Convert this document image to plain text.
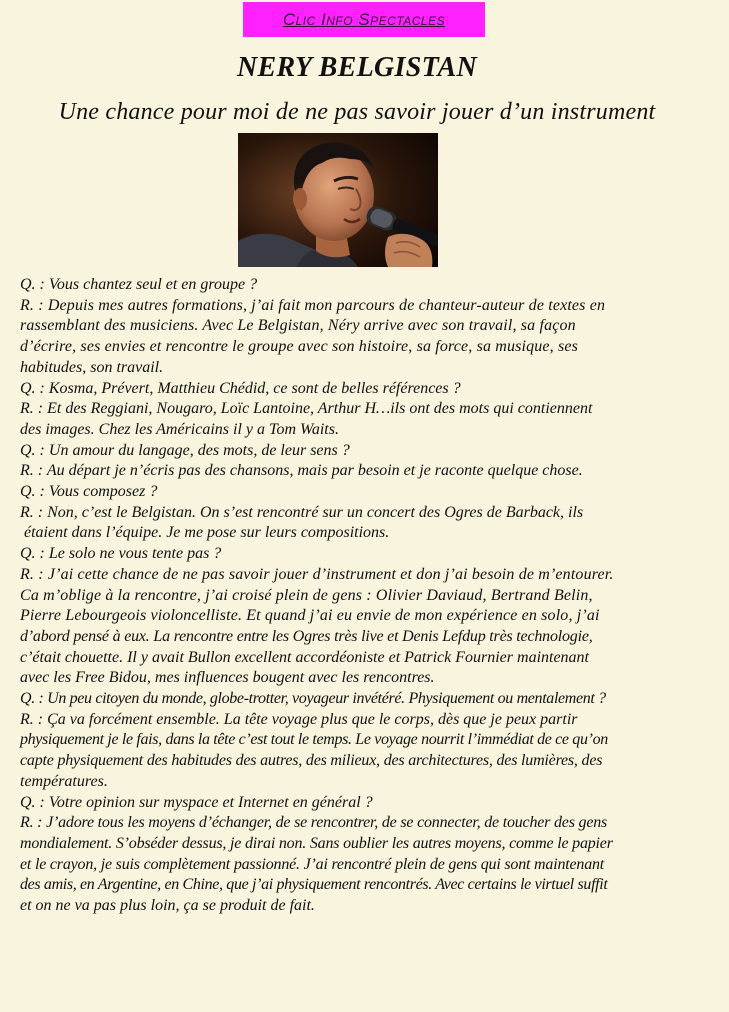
Clic Info Spectacles
NERY BELGISTAN
Une chance pour moi de ne pas savoir jouer d’un instrument

Q. : Vous chantez seul et en groupe ?

R. : Depuis mes autres formations, j’ai fait mon parcours de chanteur-auteur de textes en

rassemblant des musiciens. Avec Le Belgistan, Néry arrive avec son travail, sa façon

d’écrire, ses envies et rencontre le groupe avec son histoire, sa force, sa musique, ses

habitudes, son travail.

Q. : Kosma, Prévert, Matthieu Chédid, ce sont de belles références ?

R. : Et des Reggiani, Nougaro, Loïc Lantoine, Arthur H…ils ont des mots qui contiennent

des images. Chez les Américains il y a Tom Waits.

Q. : Un amour du langage, des mots, de leur sens ?

R. : Au départ je n’écris pas des chansons, mais par besoin et je raconte quelque chose.

Q. : Vous composez ?

R. : Non, c’est le Belgistan. On s’est rencontré sur un concert des Ogres de Barback, ils

étaient dans l’équipe. Je me pose sur leurs compositions.

Q. : Le solo ne vous tente pas ?

R. : J’ai cette chance de ne pas savoir jouer d’instrument et don j’ai besoin de m’entourer.

Ca m’oblige à la rencontre, j’ai croisé plein de gens : Olivier Daviaud, Bertrand Belin,

Pierre Lebourgeois violoncelliste. Et quand j’ai eu envie de mon expérience en solo, j’ai

d’abord pensé à eux. La rencontre entre les Ogres très live et Denis Lefdup très technologie,

c’était chouette. Il y avait Bullon excellent accordéoniste et Patrick Fournier maintenant

avec les Free Bidou, mes influences bougent avec les rencontres.

Q. : Un peu citoyen du monde, globe-trotter, voyageur invétéré. Physiquement ou mentalement ?

R. : Ça va forcément ensemble. La tête voyage plus que le corps, dès que je peux partir

physiquement je le fais, dans la tête c’est tout le temps. Le voyage nourrit l’immédiat de ce qu’on

capte physiquement des habitudes des autres, des milieux, des architectures, des lumières, des

températures.

Q. : Votre opinion sur myspace et Internet en général ?

R. : J’adore tous les moyens d’échanger, de se rencontrer, de se connecter, de toucher des gens

mondialement. S’obséder dessus, je dirai non. Sans oublier les autres moyens, comme le papier

et le crayon, je suis complètement passionné. J’ai rencontré plein de gens qui sont maintenant

des amis, en Argentine, en Chine, que j’ai physiquement rencontrés. Avec certains le virtuel suffit

et on ne va pas plus loin, ça se produit de fait.
